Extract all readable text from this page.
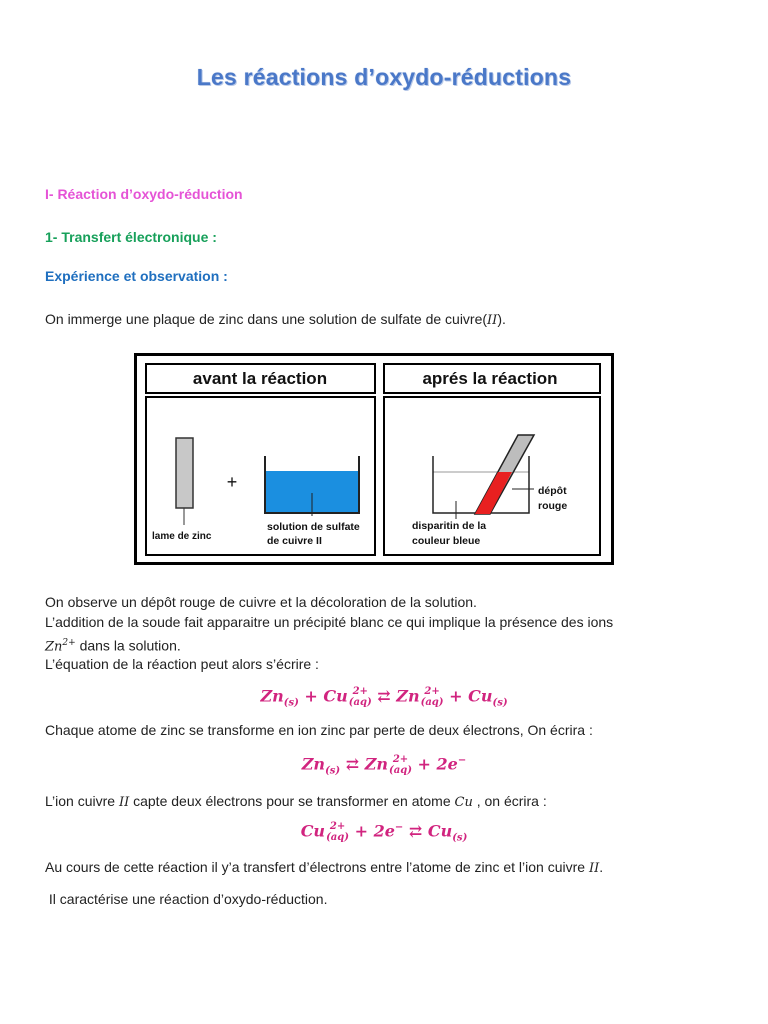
Les réactions d’oxydo-réductions
I- Réaction d’oxydo-réduction
1- Transfert électronique :
Expérience et observation :
On immerge une plaque de zinc dans une solution de sulfate de cuivre(II).
avant la réaction	aprés la réaction
lame de zinc
+
solution de sulfate
de cuivre II
dépôt
rouge
disparitin de la
couleur bleue
On observe un dépôt rouge de cuivre et la décoloration de la solution.
L’addition de la soude fait apparaitre un précipité blanc ce qui implique la présence des ions
$Zn^{2+}$ dans la solution.
L’équation de la réaction peut alors s’écrire :
$Zn_{(s)} + Cu$ 2+
(aq) ⇄ Zn 2+
$(aq) + Cu_{(s)}$
Chaque atome de zinc se transforme en ion zinc par perte de deux électrons, On écrira :
$Zn_{(s)}$ ⇄ Zn 2+
(aq) + 2e−
L’ion cuivre II capte deux électrons pour se transformer en atome Cu , on écrira :
Cu 2+
(aq) + 2e− ⇄ $Cu_{(s)}$
Au cours de cette réaction il y’a transfert d’électrons entre l’atome de zinc et l’ion cuivre II.
Il caractérise une réaction d’oxydo-réduction.
